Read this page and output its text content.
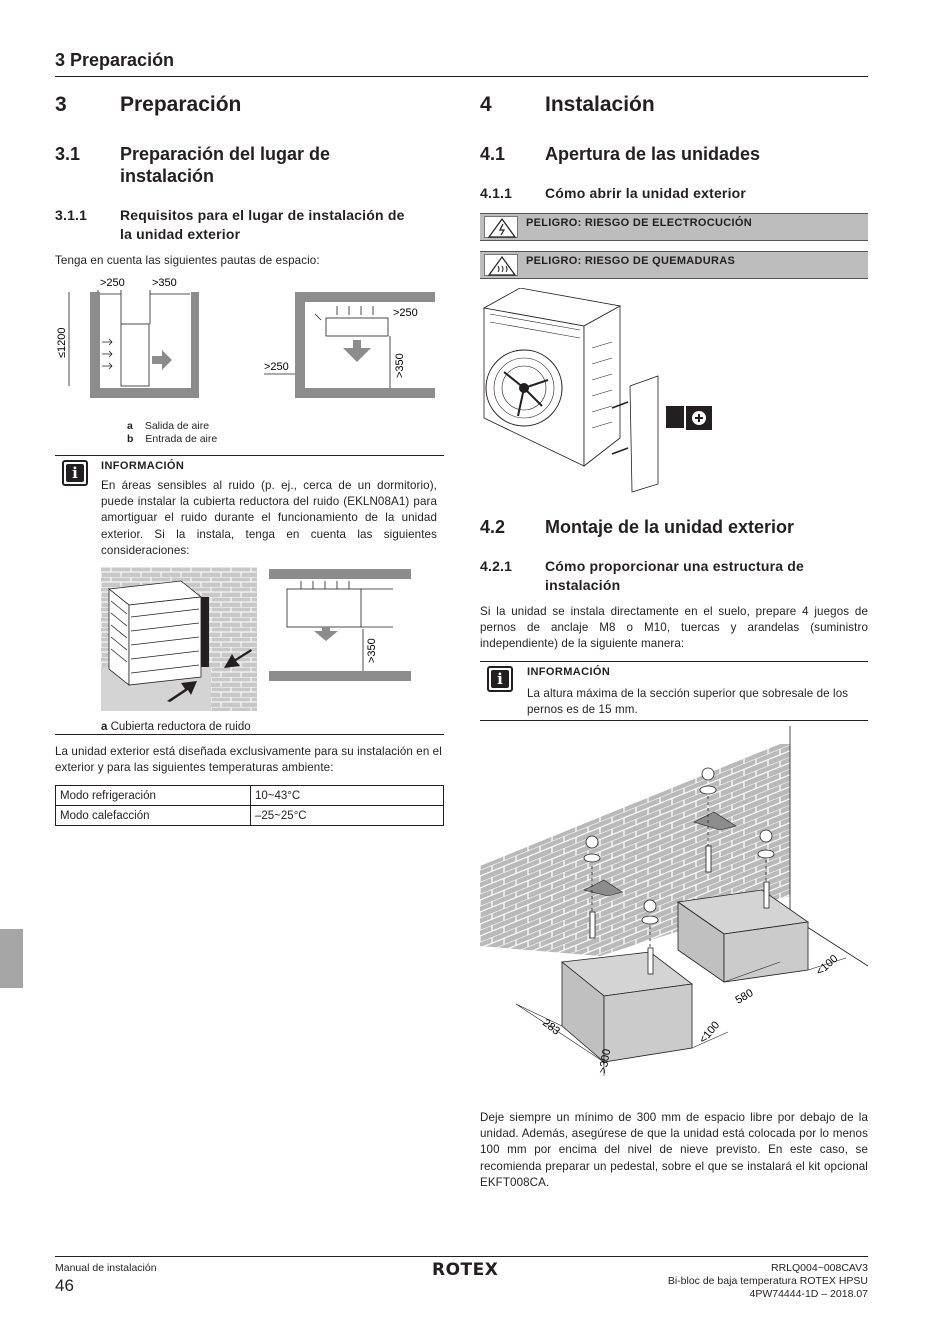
3 Preparación
3	Preparación
3.1 Preparación del lugar de
instalación
3.1.1 Requisitos para el lugar de instalación de
la unidad exterior
Tenga en cuenta las siguientes pautas de espacio:
>250 >350
≤1200
>250
>250	>350
a Salida de aire
b Entrada de aire
i	INFORMACIÓN
En áreas sensibles al ruido (p. ej., cerca de un dormitorio), puede instalar la cubierta reductora del ruido (EKLN08A1) para amortiguar el ruido durante el funcionamiento de la unidad exterior. Si la instala, tenga en cuenta las siguientes consideraciones:
>350
a Cubierta reductora de ruido
La unidad exterior está diseñada exclusivamente para su instalación en el exterior y para las siguientes temperaturas ambiente:
Modo refrigeración	10~43°C
Modo calefacción	–25~25°C
4	Instalación
4.1 Apertura de las unidades
4.1.1 Cómo abrir la unidad exterior
PELIGRO: RIESGO DE ELECTROCUCIÓN
PELIGRO: RIESGO DE QUEMADURAS
4.2 Montaje de la unidad exterior
4.2.1 Cómo proporcionar una estructura de
instalación
Si la unidad se instala directamente en el suelo, prepare 4 juegos de pernos de anclaje M8 o M10, tuercas y arandelas (suministro independiente) de la siguiente manera:
i	INFORMACIÓN
La altura máxima de la sección superior que sobresale de los pernos es de 15 mm.
283
>300
<100
580
<100
Deje siempre un mínimo de 300 mm de espacio libre por debajo de la unidad. Además, asegúrese de que la unidad está colocada por lo menos 100 mm por encima del nivel de nieve previsto. En este caso, se recomienda preparar un pedestal, sobre el que se instalará el kit opcional EKFT008CA.
Manual de instalación
46
ROTEX	RRLQ004~008CAV3
Bi-bloc de baja temperatura ROTEX HPSU
4PW74444-1D – 2018.07
